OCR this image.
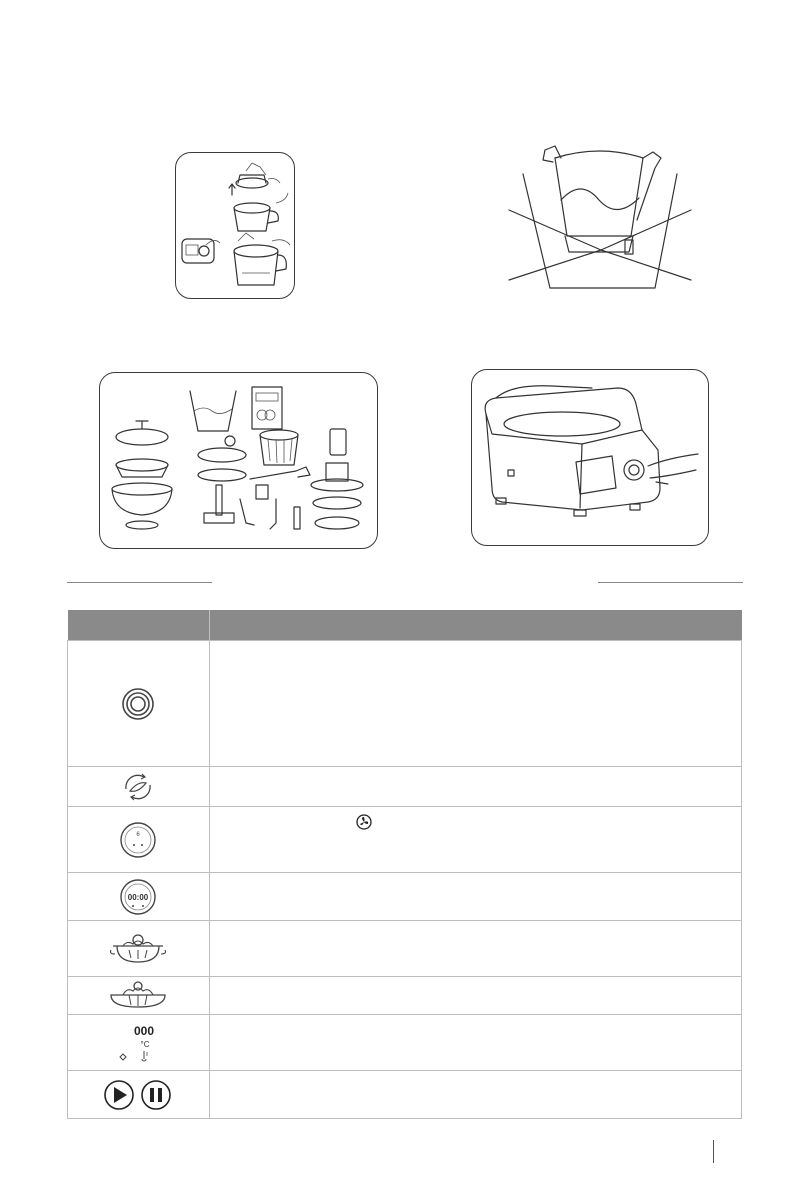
6

00:00	

000
°C	
